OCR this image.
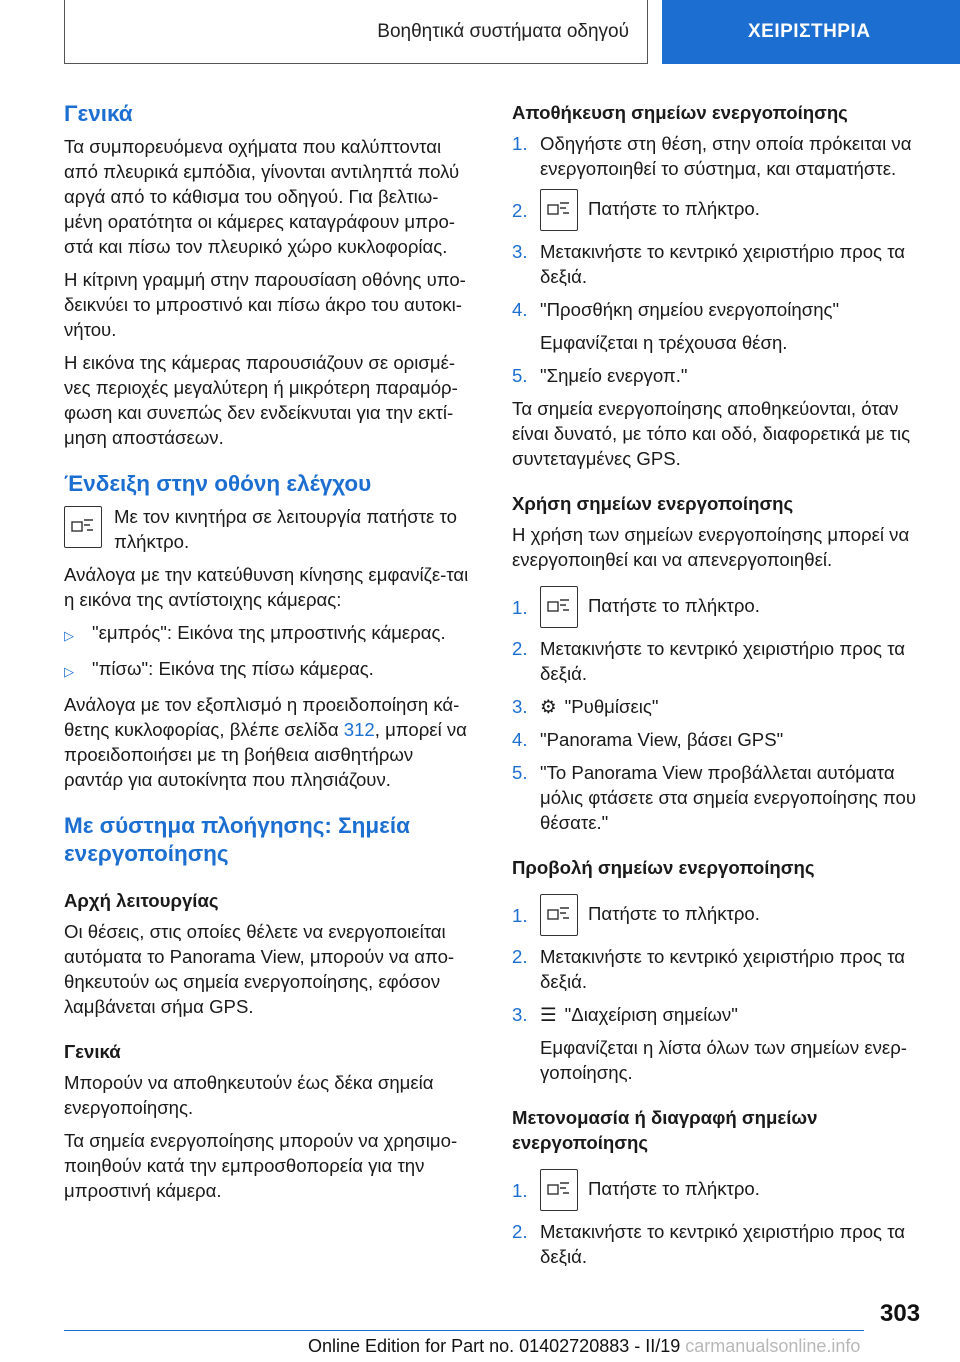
Βοηθητικά συστήματα οδηγού	ΧΕΙΡΙΣΤΗΡΙΑ
Γενικά

Τα συμπορευόμενα οχήματα που καλύπτονται από πλευρικά εμπόδια, γίνονται αντιληπτά πολύ αργά από το κάθισμα του οδηγού. Για βελτιω-μένη ορατότητα οι κάμερες καταγράφουν μπρο-στά και πίσω τον πλευρικό χώρο κυκλοφορίας.

Η κίτρινη γραμμή στην παρουσίαση οθόνης υπο-δεικνύει το μπροστινό και πίσω άκρο του αυτοκι-νήτου.

Η εικόνα της κάμερας παρουσιάζουν σε ορισμέ-νες περιοχές μεγαλύτερη ή μικρότερη παραμόρ-φωση και συνεπώς δεν ενδείκνυται για την εκτί-μηση αποστάσεων.

Ένδειξη στην οθόνη ελέγχου
Με τον κινητήρα σε λειτουργία πατήστε το πλήκτρο.

Ανάλογα με την κατεύθυνση κίνησης εμφανίζε-ται η εικόνα της αντίστοιχης κάμερας:

▷ "εμπρός": Εικόνα της μπροστινής κάμερας.
▷ "πίσω": Εικόνα της πίσω κάμερας.

Ανάλογα με τον εξοπλισμό η προειδοποίηση κά-θετης κυκλοφορίας, βλέπε σελίδα 312, μπορεί να προειδοποιήσει με τη βοήθεια αισθητήρων ραντάρ για αυτοκίνητα που πλησιάζουν.

Με σύστημα πλοήγησης: Σημεία ενεργοποίησης
Αρχή λειτουργίας

Οι θέσεις, στις οποίες θέλετε να ενεργοποιείται αυτόματα το Panorama View, μπορούν να απο-θηκευτούν ως σημεία ενεργοποίησης, εφόσον λαμβάνεται σήμα GPS.

Γενικά

Μπορούν να αποθηκευτούν έως δέκα σημεία ενεργοποίησης.

Τα σημεία ενεργοποίησης μπορούν να χρησιμο-ποιηθούν κατά την εμπροσθοπορεία για την μπροστινή κάμερα.

Αποθήκευση σημείων ενεργοποίησης
1. Οδηγήστε στη θέση, στην οποία πρόκειται να ενεργοποιηθεί το σύστημα, και σταματήστε.
2.	Πατήστε το πλήκτρο.
3. Μετακινήστε το κεντρικό χειριστήριο προς τα δεξιά.
4. "Προσθήκη σημείου ενεργοποίησης"

Εμφανίζεται η τρέχουσα θέση.

5. "Σημείο ενεργοπ."

Τα σημεία ενεργοποίησης αποθηκεύονται, όταν είναι δυνατό, με τόπο και οδό, διαφορετικά με τις συντεταγμένες GPS.

Χρήση σημείων ενεργοποίησης

Η χρήση των σημείων ενεργοποίησης μπορεί να ενεργοποιηθεί και να απενεργοποιηθεί.

1.	Πατήστε το πλήκτρο.
2. Μετακινήστε το κεντρικό χειριστήριο προς τα δεξιά.
3. ⚙ "Ρυθμίσεις"
4. "Panorama View, βάσει GPS"
5. "Το Panorama View προβάλλεται αυτόματα μόλις φτάσετε στα σημεία ενεργοποίησης που θέσατε."
Προβολή σημείων ενεργοποίησης
1.	Πατήστε το πλήκτρο.
2. Μετακινήστε το κεντρικό χειριστήριο προς τα δεξιά.
3. ☰ "Διαχείριση σημείων"

Εμφανίζεται η λίστα όλων των σημείων ενερ-γοποίησης.

Μετονομασία ή διαγραφή σημείων ενεργοποίησης
1.	Πατήστε το πλήκτρο.
2. Μετακινήστε το κεντρικό χειριστήριο προς τα δεξιά.
303
Online Edition for Part no. 01402720883 - II/19 carmanualsonline.info
